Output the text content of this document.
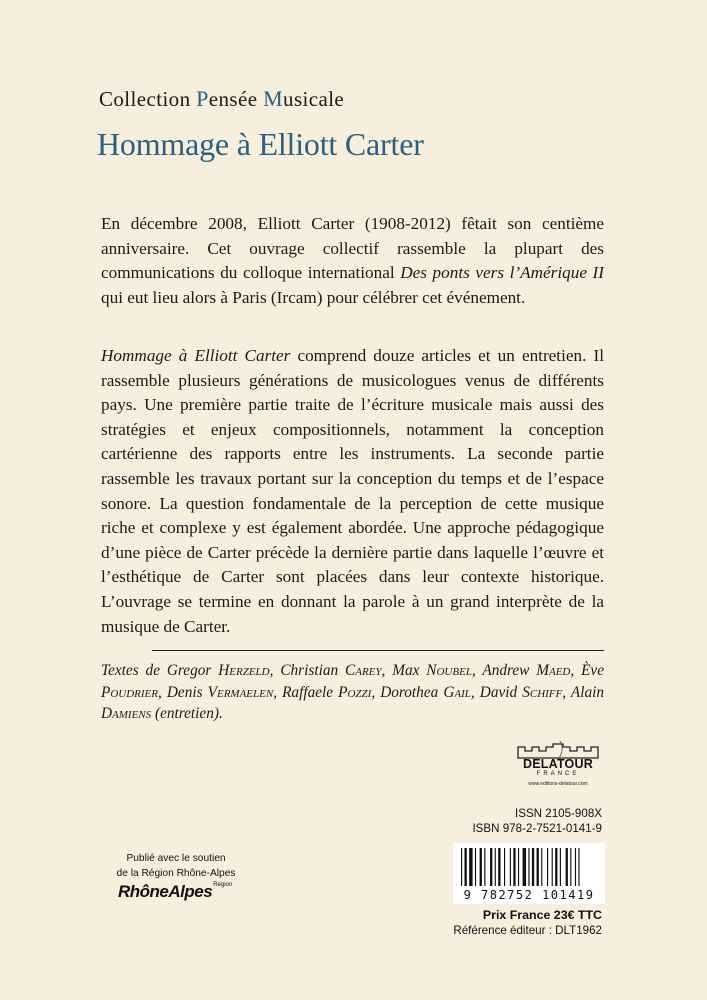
Collection Pensée Musicale
Hommage à Elliott Carter

En décembre 2008, Elliott Carter (1908-2012) fêtait son centième anniversaire. Cet ouvrage collectif rassemble la plupart des communications du colloque international Des ponts vers l’Amérique II qui eut lieu alors à Paris (Ircam) pour célébrer cet événement.

Hommage à Elliott Carter comprend douze articles et un entretien. Il rassemble plusieurs générations de musicologues venus de différents pays. Une première partie traite de l’écriture musicale mais aussi des stratégies et enjeux compositionnels, notamment la conception cartérienne des rapports entre les instruments. La seconde partie rassemble les travaux portant sur la conception du temps et de l’espace sonore. La question fondamentale de la perception de cette musique riche et complexe y est également abordée. Une approche pédagogique d’une pièce de Carter précède la dernière partie dans laquelle l’œuvre et l’esthétique de Carter sont placées dans leur contexte historique. L’ouvrage se termine en donnant la parole à un grand interprète de la musique de Carter.

Textes de Gregor Herzeld, Christian Carey, Max Noubel, Andrew Maed, Ève Poudrier, Denis Vermaelen, Raffaele Pozzi, Dorothea Gail, David Schiff, Alain Damiens (entretien).

DELATOUR
FRANCE
www.editions-delatour.com
ISSN 2105-908X
ISBN 978-2-7521-0141-9
9 782752 101419
Prix France 23€ TTC
Référence éditeur : DLT1962
Publié avec le soutien
de la Région Rhône-Alpes
RhôneAlpes$^{Région}$
